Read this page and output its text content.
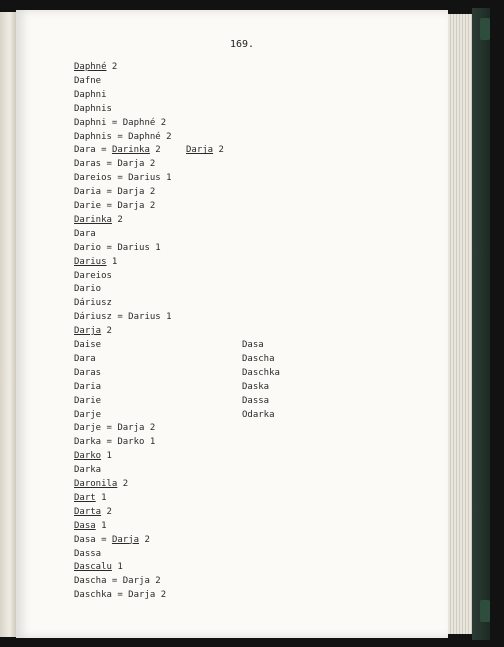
169.
Daphné 2
Dafne
Daphni
Daphnis
Daphni = Daphné 2
Daphnis = Daphné 2
Dara = Darinka 2	Darja 2
Daras = Darja 2
Dareios = Darius 1
Daria = Darja 2
Darie = Darja 2
Darinka 2
Dara
Dario = Darius 1
Darius 1
Dareios
Dario
Dáriusz
Dáriusz = Darius 1
Darja 2
Daise	Dasa
Dara	Dascha
Daras	Daschka
Daria	Daska
Darie	Dassa
Darje	Odarka
Darje = Darja 2
Darka = Darko 1
Darko 1
Darka
Daronila 2
Dart 1
Darta 2
Dasa 1
Dasa = Darja 2
Dassa
Dascalu 1
Dascha = Darja 2
Daschka = Darja 2
